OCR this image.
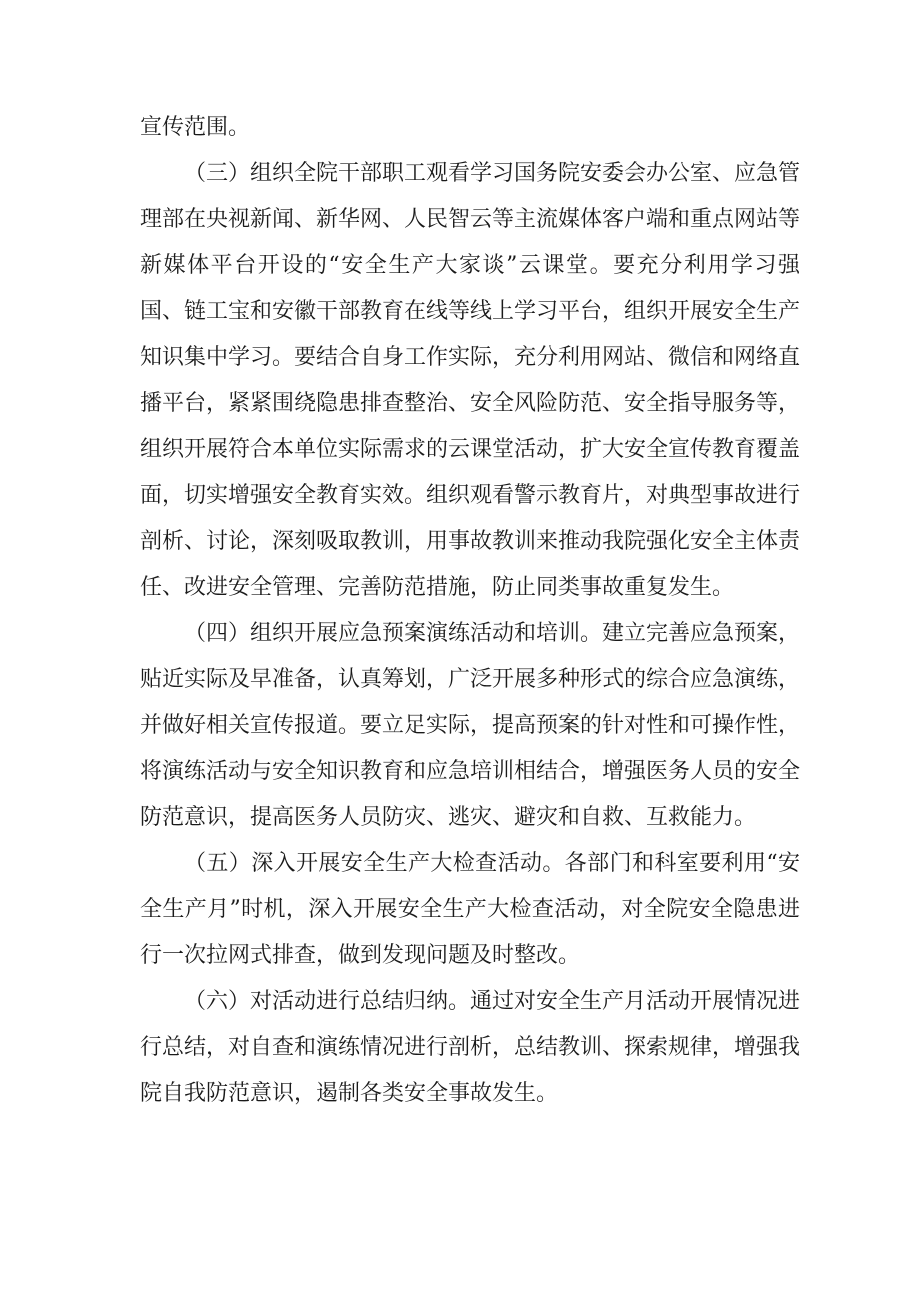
宣传范围。

（三）组织全院干部职工观看学习国务院安委会办公室、应急管理部在央视新闻、新华网、人民智云等主流媒体客户端和重点网站等新媒体平台开设的“安全生产大家谈”云课堂。要充分利用学习强国、链工宝和安徽干部教育在线等线上学习平台，组织开展安全生产知识集中学习。要结合自身工作实际，充分利用网站、微信和网络直播平台，紧紧围绕隐患排查整治、安全风险防范、安全指导服务等，组织开展符合本单位实际需求的云课堂活动，扩大安全宣传教育覆盖面，切实增强安全教育实效。组织观看警示教育片，对典型事故进行剖析、讨论，深刻吸取教训，用事故教训来推动我院强化安全主体责任、改进安全管理、完善防范措施，防止同类事故重复发生。

（四）组织开展应急预案演练活动和培训。建立完善应急预案，贴近实际及早准备，认真筹划，广泛开展多种形式的综合应急演练，并做好相关宣传报道。要立足实际，提高预案的针对性和可操作性，将演练活动与安全知识教育和应急培训相结合，增强医务人员的安全防范意识，提高医务人员防灾、逃灾、避灾和自救、互救能力。

（五）深入开展安全生产大检查活动。各部门和科室要利用“安全生产月”时机，深入开展安全生产大检查活动，对全院安全隐患进行一次拉网式排查，做到发现问题及时整改。

（六）对活动进行总结归纳。通过对安全生产月活动开展情况进行总结，对自查和演练情况进行剖析，总结教训、探索规律，增强我院自我防范意识，遏制各类安全事故发生。
